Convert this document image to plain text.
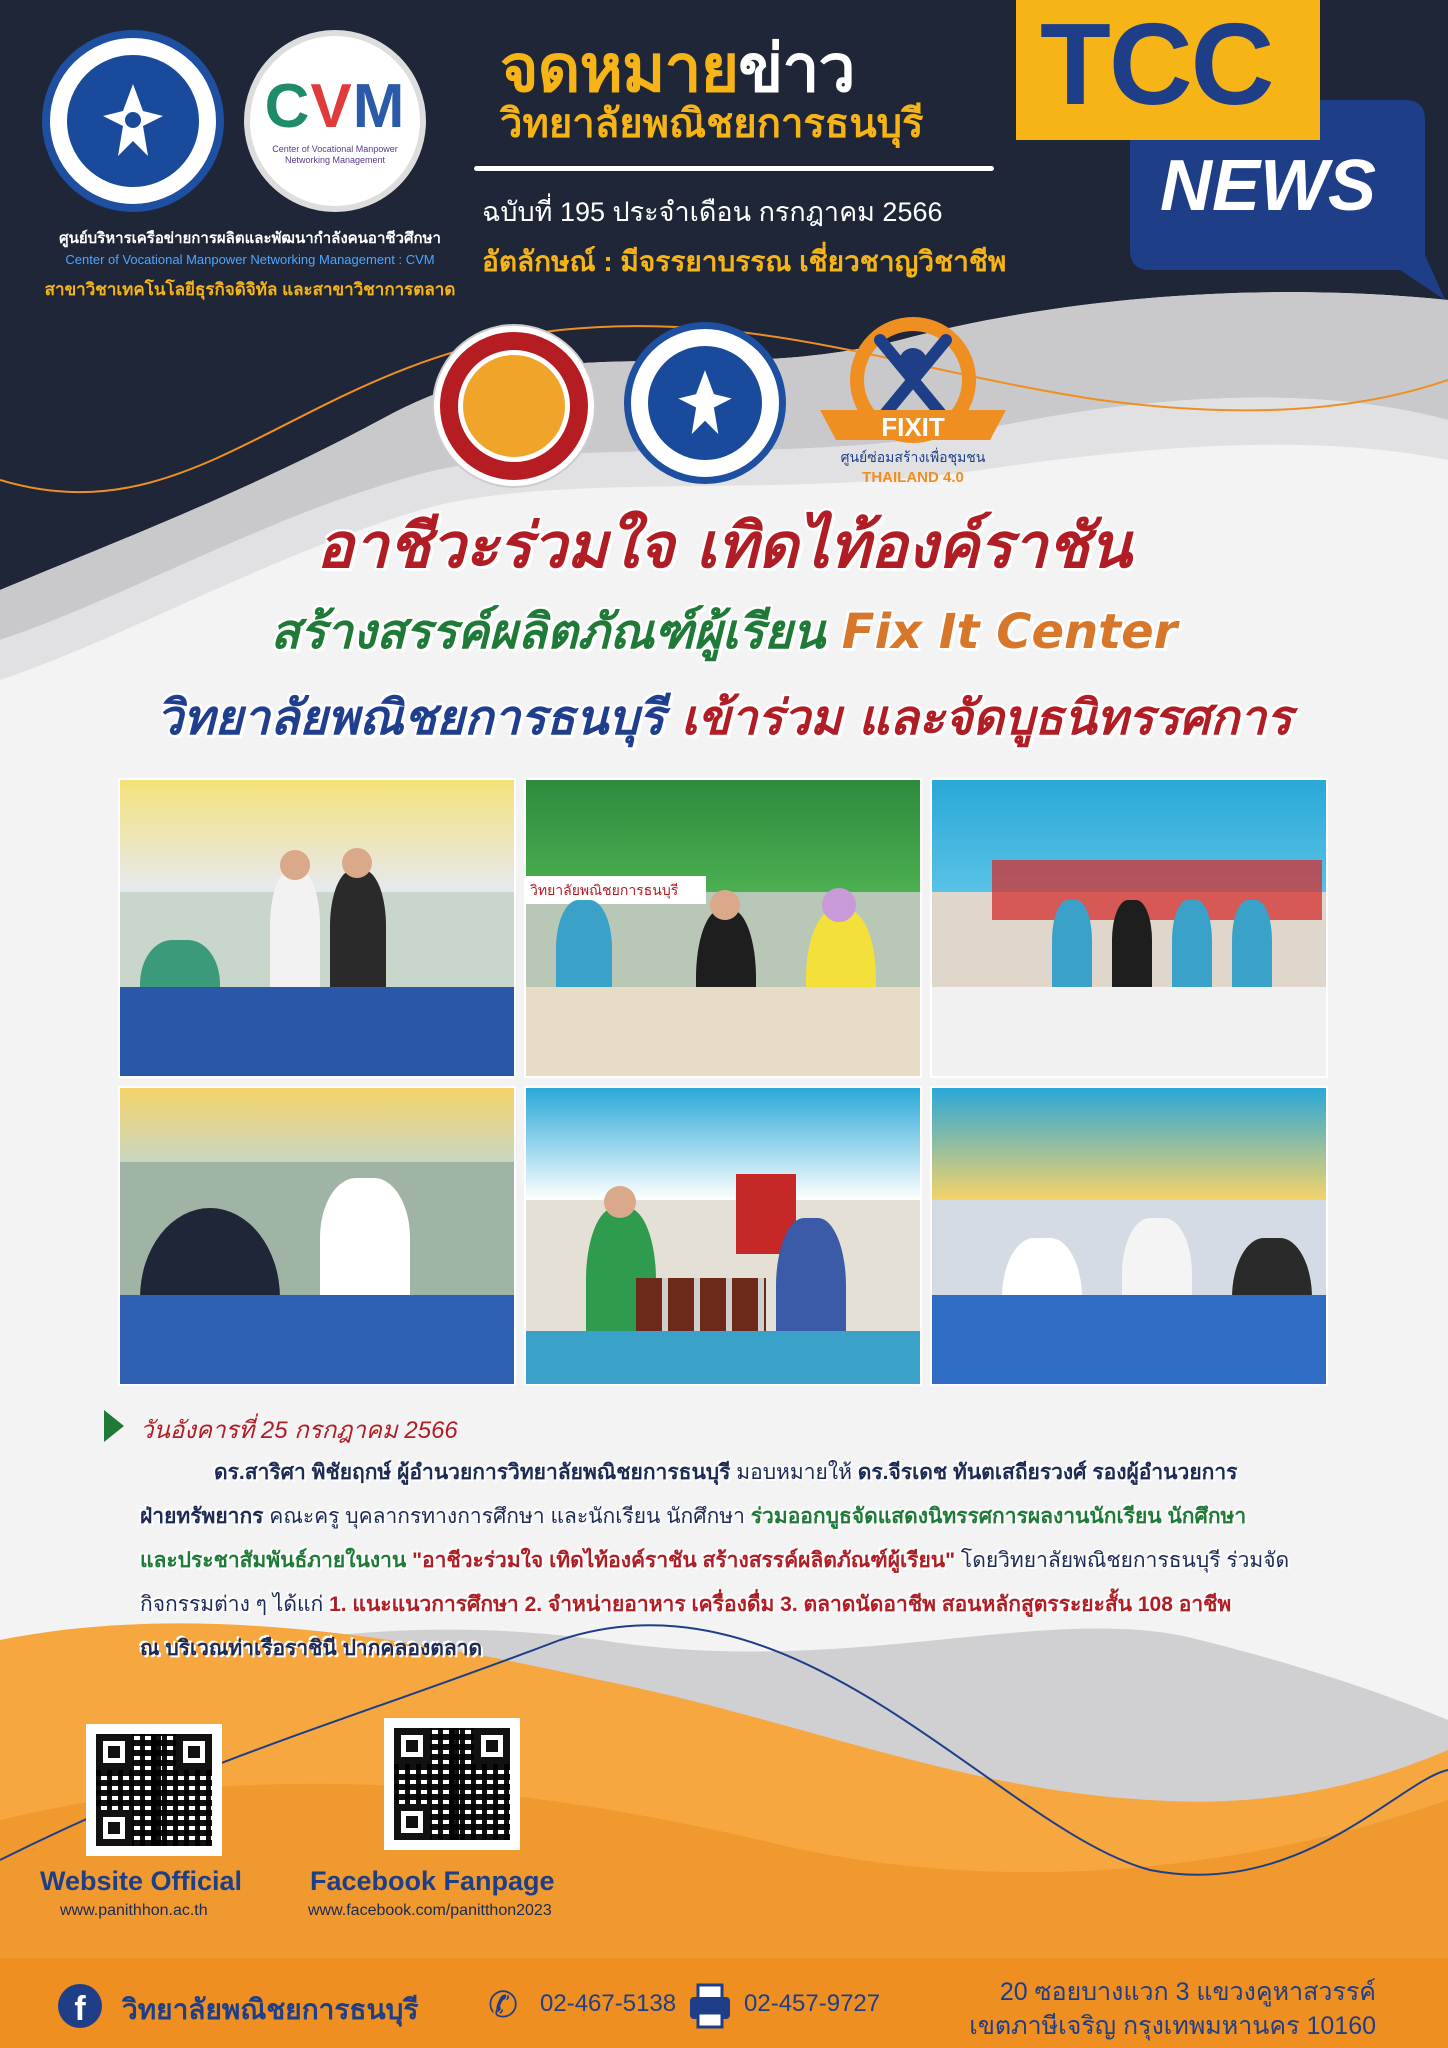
CVM
Center of Vocational Manpower Networking Management
ศูนย์บริหารเครือข่ายการผลิตและพัฒนากำลังคนอาชีวศึกษา
Center of Vocational Manpower Networking Management : CVM
สาขาวิชาเทคโนโลยีธุรกิจดิจิทัล และสาขาวิชาการตลาด
จดหมายข่าว
วิทยาลัยพณิชยการธนบุรี
ฉบับที่ 195 ประจำเดือน กรกฎาคม 2566
อัตลักษณ์ : มีจรรยาบรรณ เชี่ยวชาญวิชาชีพ
TCC
NEWS
FIXIT
ศูนย์ซ่อมสร้างเพื่อชุมชน
THAILAND 4.0
อาชีวะร่วมใจ เทิดไท้องค์ราชัน
สร้างสรรค์ผลิตภัณฑ์ผู้เรียน Fix It Center
วิทยาลัยพณิชยการธนบุรี เข้าร่วม และจัดบูธนิทรรศการ
วิทยาลัยพณิชยการธนบุรี
วันอังคารที่ 25 กรกฎาคม 2566
ดร.สาริศา พิชัยฤกษ์ ผู้อำนวยการวิทยาลัยพณิชยการธนบุรี มอบหมายให้ ดร.จีรเดช ทันตเสถียรวงศ์ รองผู้อำนวยการ
ฝ่ายทรัพยากร คณะครู บุคลากรทางการศึกษา และนักเรียน นักศึกษา ร่วมออกบูธจัดแสดงนิทรรศการผลงานนักเรียน นักศึกษา
และประชาสัมพันธ์ภายในงาน "อาชีวะร่วมใจ เทิดไท้องค์ราชัน สร้างสรรค์ผลิตภัณฑ์ผู้เรียน" โดยวิทยาลัยพณิชยการธนบุรี ร่วมจัด
กิจกรรมต่าง ๆ ได้แก่ 1. แนะแนวการศึกษา 2. จำหน่ายอาหาร เครื่องดื่ม 3. ตลาดนัดอาชีพ สอนหลักสูตรระยะสั้น 108 อาชีพ
ณ บริเวณท่าเรือราชินี ปากคลองตลาด
Website Official
www.panithhon.ac.th
Facebook Fanpage
www.facebook.com/panitthon2023
f	วิทยาลัยพณิชยการธนบุรี ✆ 02-467-5138	02-457-9727	20 ซอยบางแวก 3 แขวงคูหาสวรรค์
เขตภาษีเจริญ กรุงเทพมหานคร 10160
